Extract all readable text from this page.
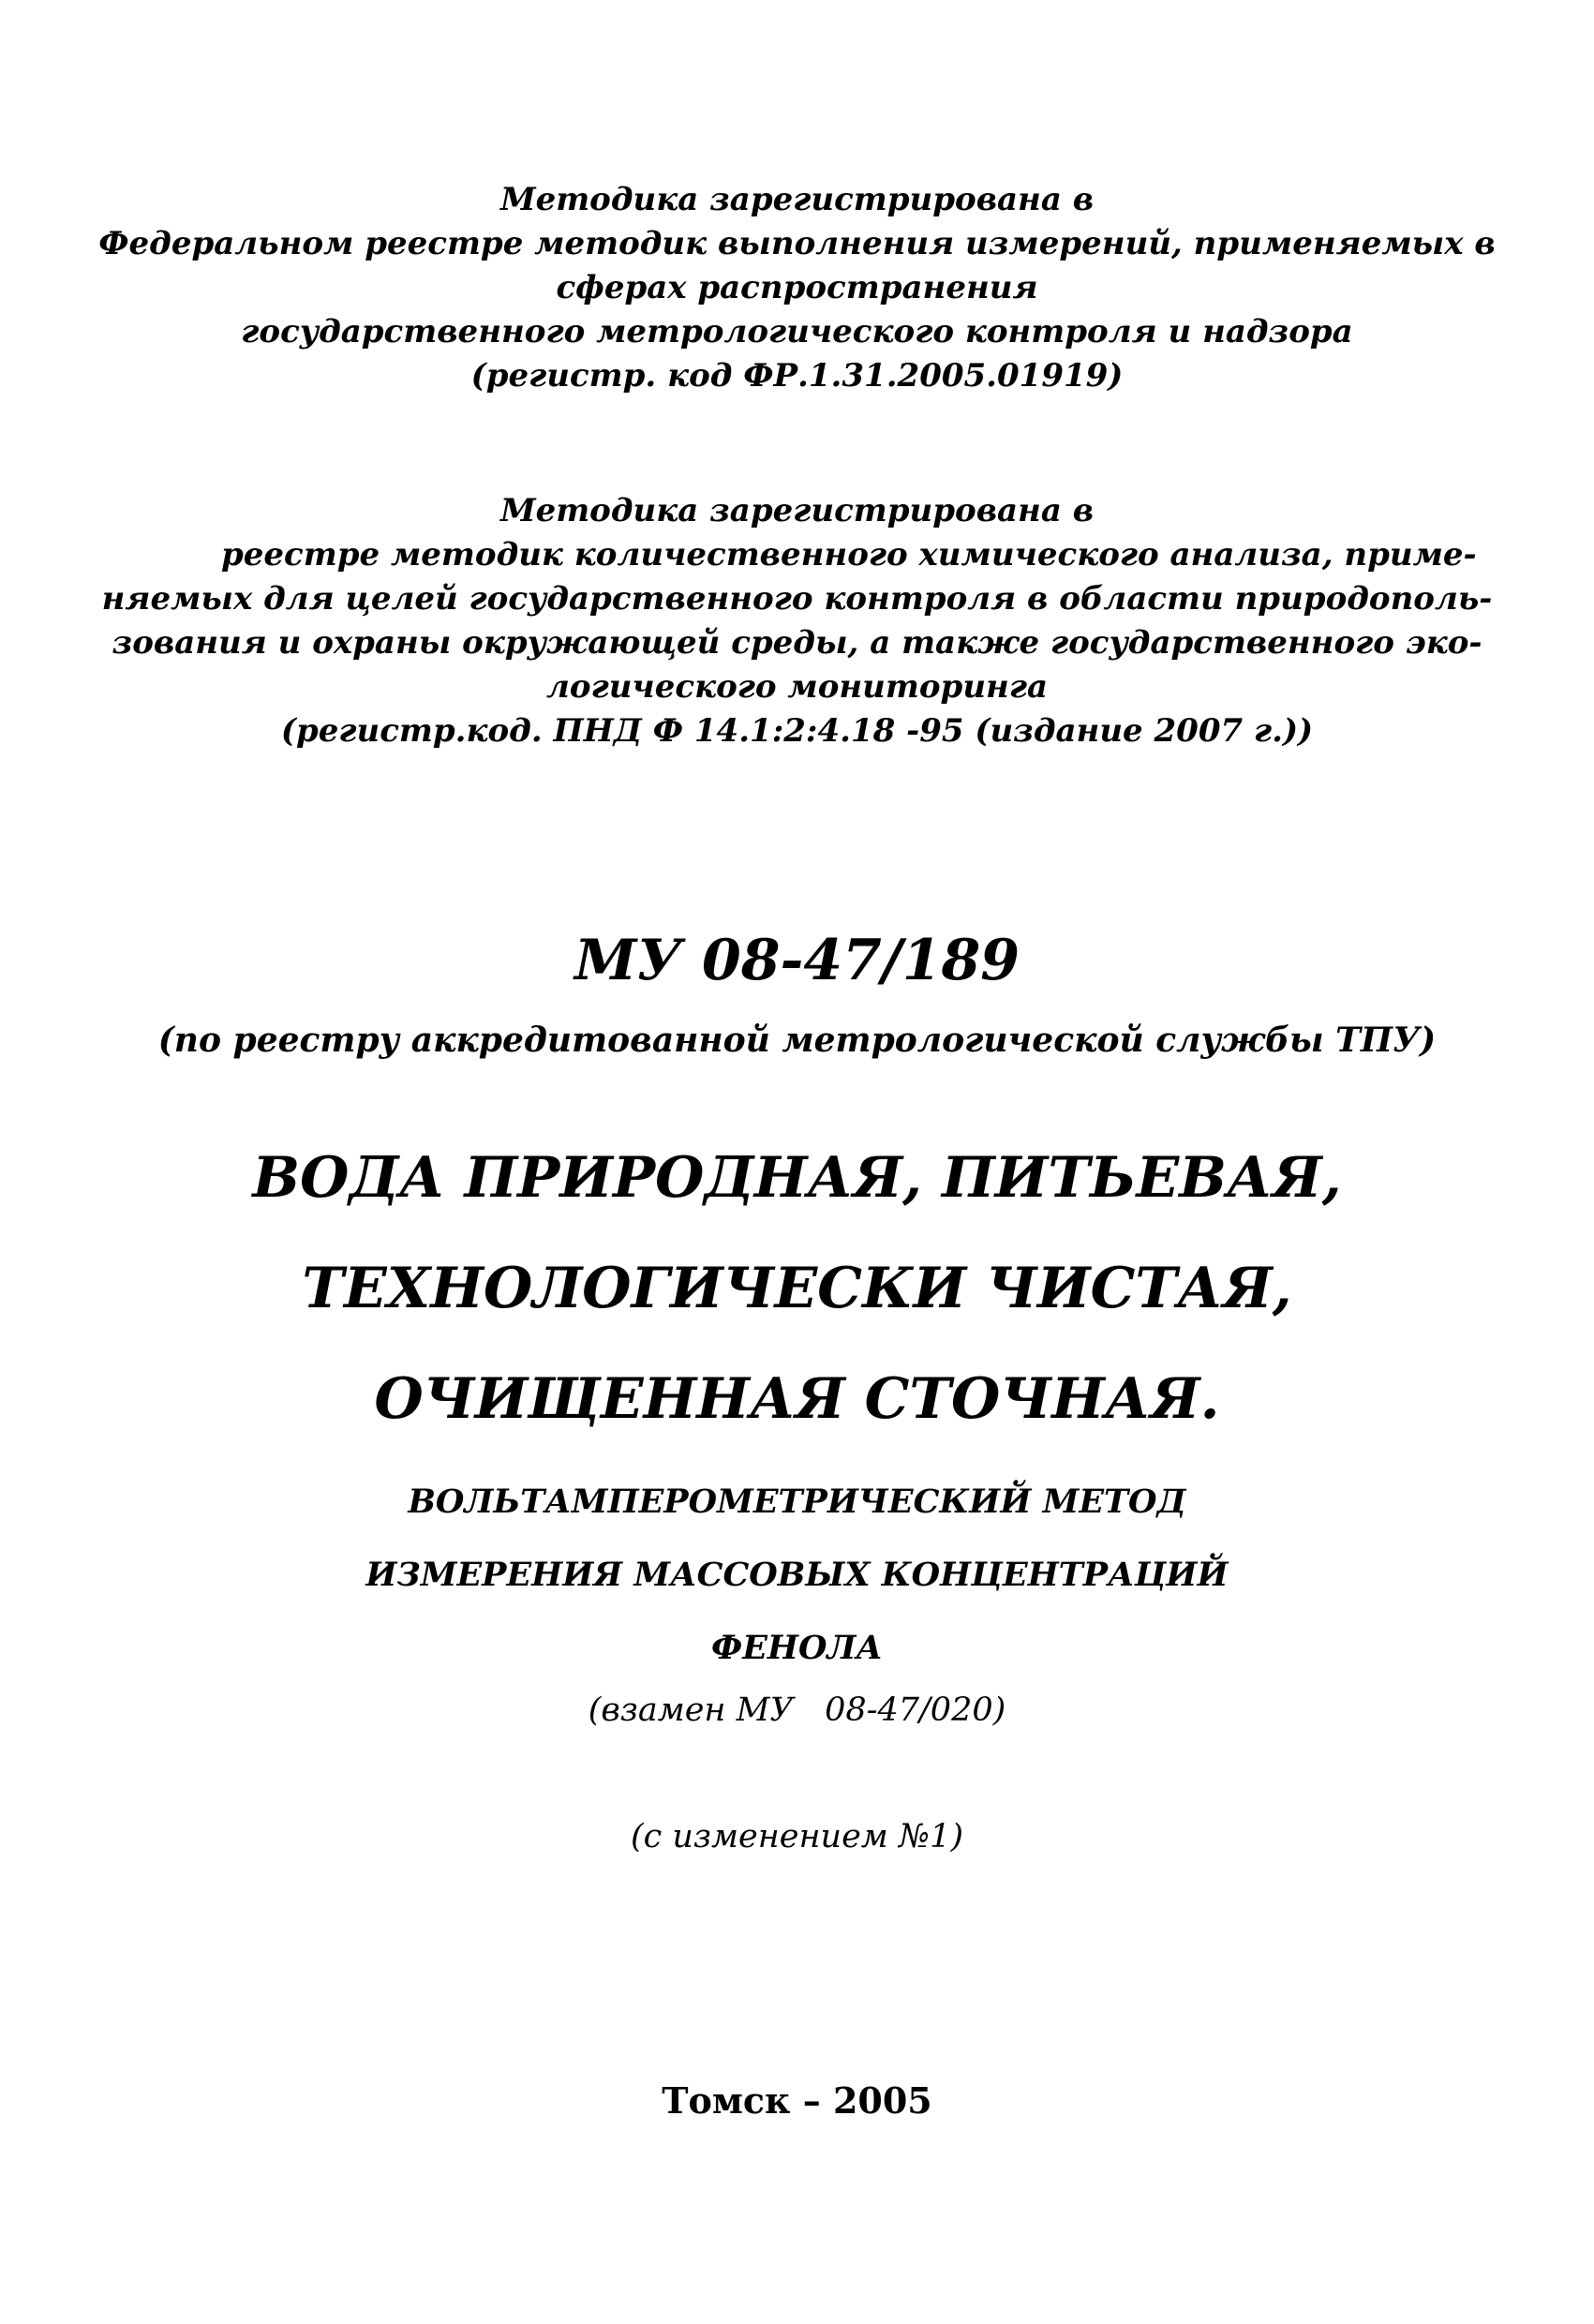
Методика зарегистрирована в
Федеральном реестре методик выполнения измерений, применяемых в
сферах распространения
государственного метрологического контроля и надзора
(регистр. код ФР.1.31.2005.01919)
Методика зарегистрирована в
реестре методик количественного химического анализа, приме-
няемых для целей государственного контроля в области природополь-
зования и охраны окружающей среды, а также государственного эко-
логического мониторинга
(регистр.код. ПНД Ф 14.1:2:4.18 -95 (издание 2007 г.))
МУ 08-47/189
(по реестру аккредитованной метрологической службы ТПУ)
ВОДА ПРИРОДНАЯ, ПИТЬЕВАЯ,
ТЕХНОЛОГИЧЕСКИ ЧИСТАЯ,
ОЧИЩЕННАЯ СТОЧНАЯ.
ВОЛЬТАМПЕРОМЕТРИЧЕСКИЙ МЕТОД
ИЗМЕРЕНИЯ МАССОВЫХ КОНЦЕНТРАЦИЙ
ФЕНОЛА
(взамен МУ   08-47/020)
(с изменением №1)
Томск – 2005
